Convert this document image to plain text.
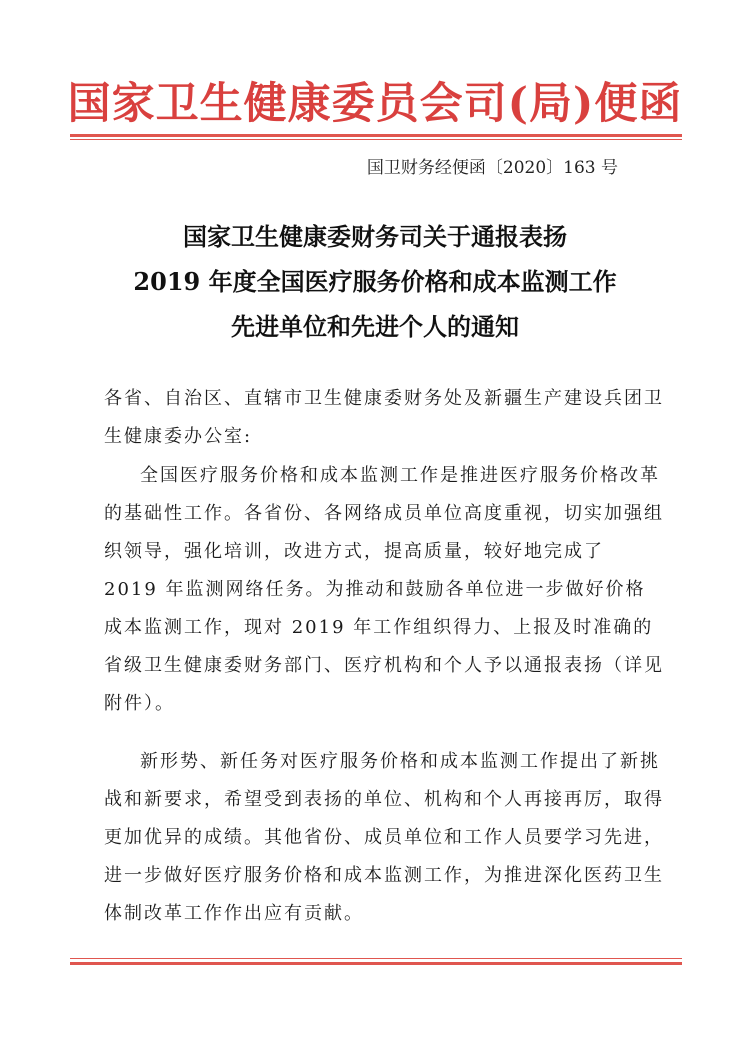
国家卫生健康委员会司(局)便函
国卫财务经便函〔2020〕163 号
国家卫生健康委财务司关于通报表扬
2019 年度全国医疗服务价格和成本监测工作
先进单位和先进个人的通知
各省、自治区、直辖市卫生健康委财务处及新疆生产建设兵团卫生健康委办公室:
全国医疗服务价格和成本监测工作是推进医疗服务价格改革的基础性工作。各省份、各网络成员单位高度重视，切实加强组织领导，强化培训，改进方式，提高质量，较好地完成了 2019 年监测网络任务。为推动和鼓励各单位进一步做好价格成本监测工作，现对 2019 年工作组织得力、上报及时准确的省级卫生健康委财务部门、医疗机构和个人予以通报表扬（详见附件）。
新形势、新任务对医疗服务价格和成本监测工作提出了新挑战和新要求，希望受到表扬的单位、机构和个人再接再厉，取得更加优异的成绩。其他省份、成员单位和工作人员要学习先进，进一步做好医疗服务价格和成本监测工作，为推进深化医药卫生体制改革工作作出应有贡献。
